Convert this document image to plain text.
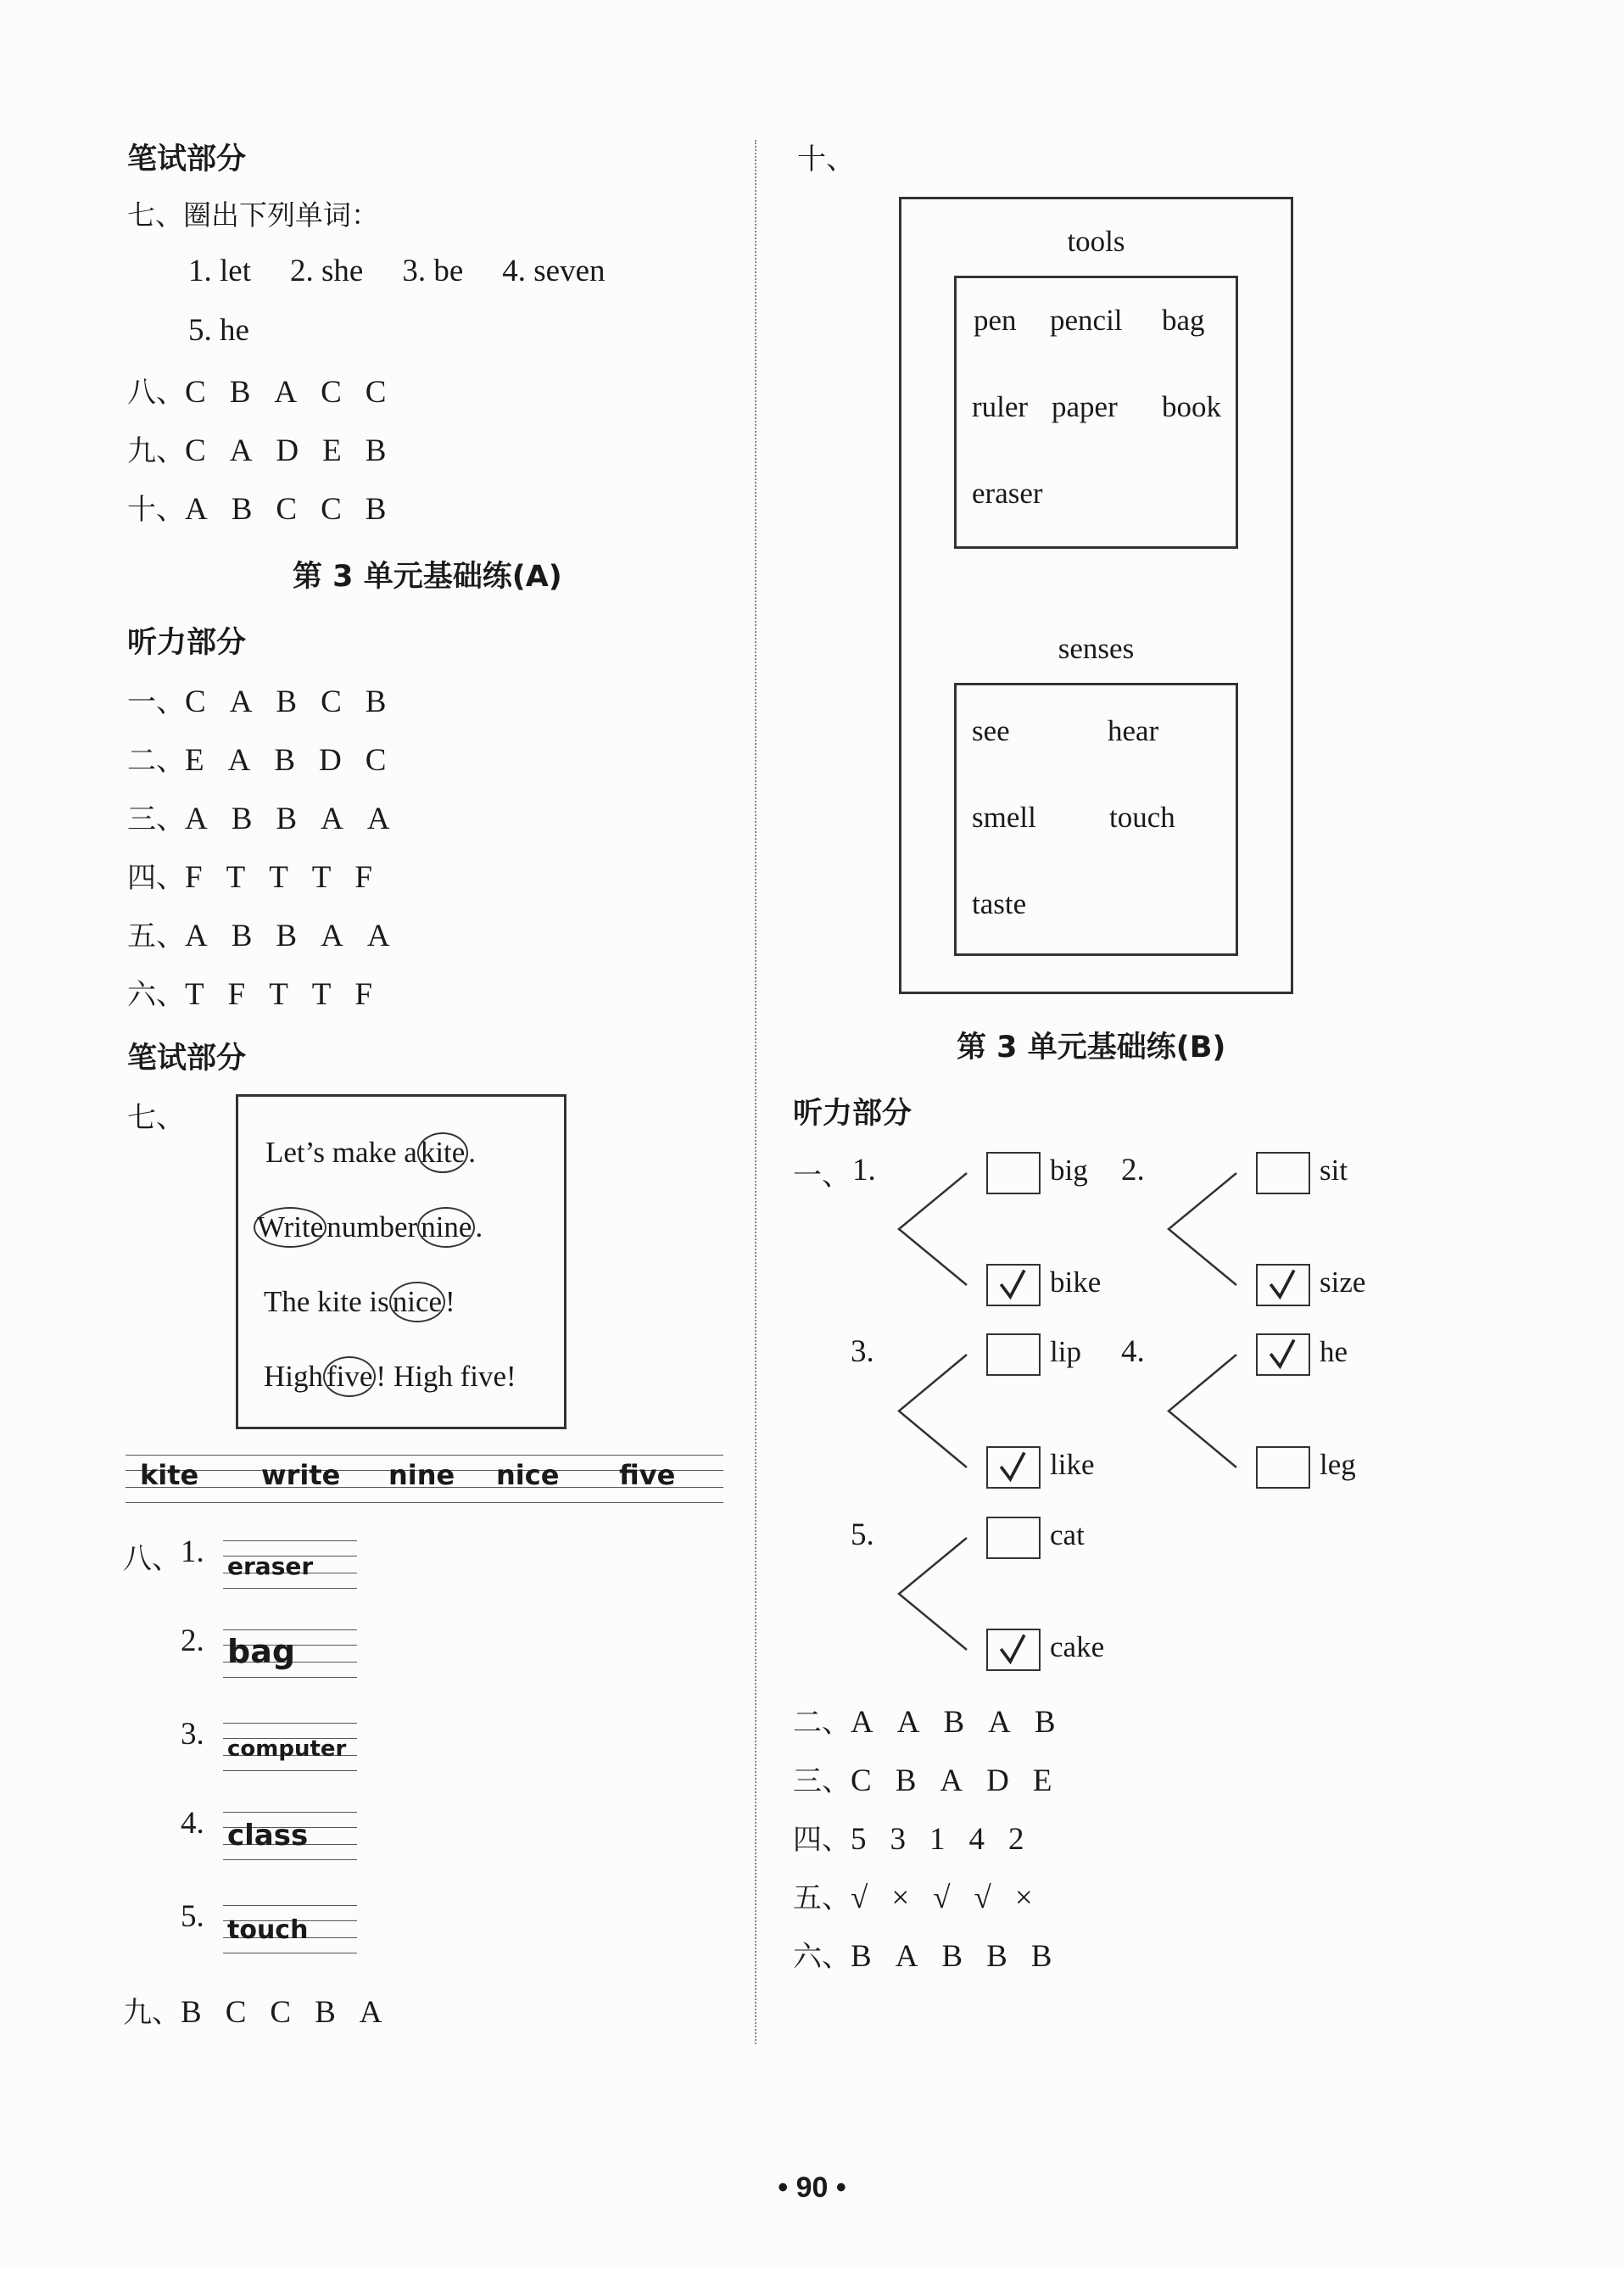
笔试部分
七、圈出下列单词：
1. let 2. she 3. be 4. seven
5. he
八、C B A C C
九、C A D E B
十、A B C C B
第 3 单元基础练(A)
听力部分
一、C A B C B
二、E A B D C
三、A B B A A
四、F T T T F
五、A B B A A
六、T F T T F
笔试部分
七、
Let’s make a kite .
Write number nine .
The kite is nice !
High five ! High five!
kite write nine nice five
八、 1. eraser
2. bag
3. computer
4. class
5. touch
九、B C C B A
十、
tools
pen pencil bag
ruler paper book
eraser
senses
see	hear
smell touch
taste
第 3 单元基础练(B)
听力部分
一、 1.	big
bike
2.	sit
size
3.	lip
like
4.	he
leg
5.	cat
cake
二、A A B A B
三、C B A D E
四、5 3 1 4 2
五、√ × √ √ ×
六、B A B B B
• 90 •
